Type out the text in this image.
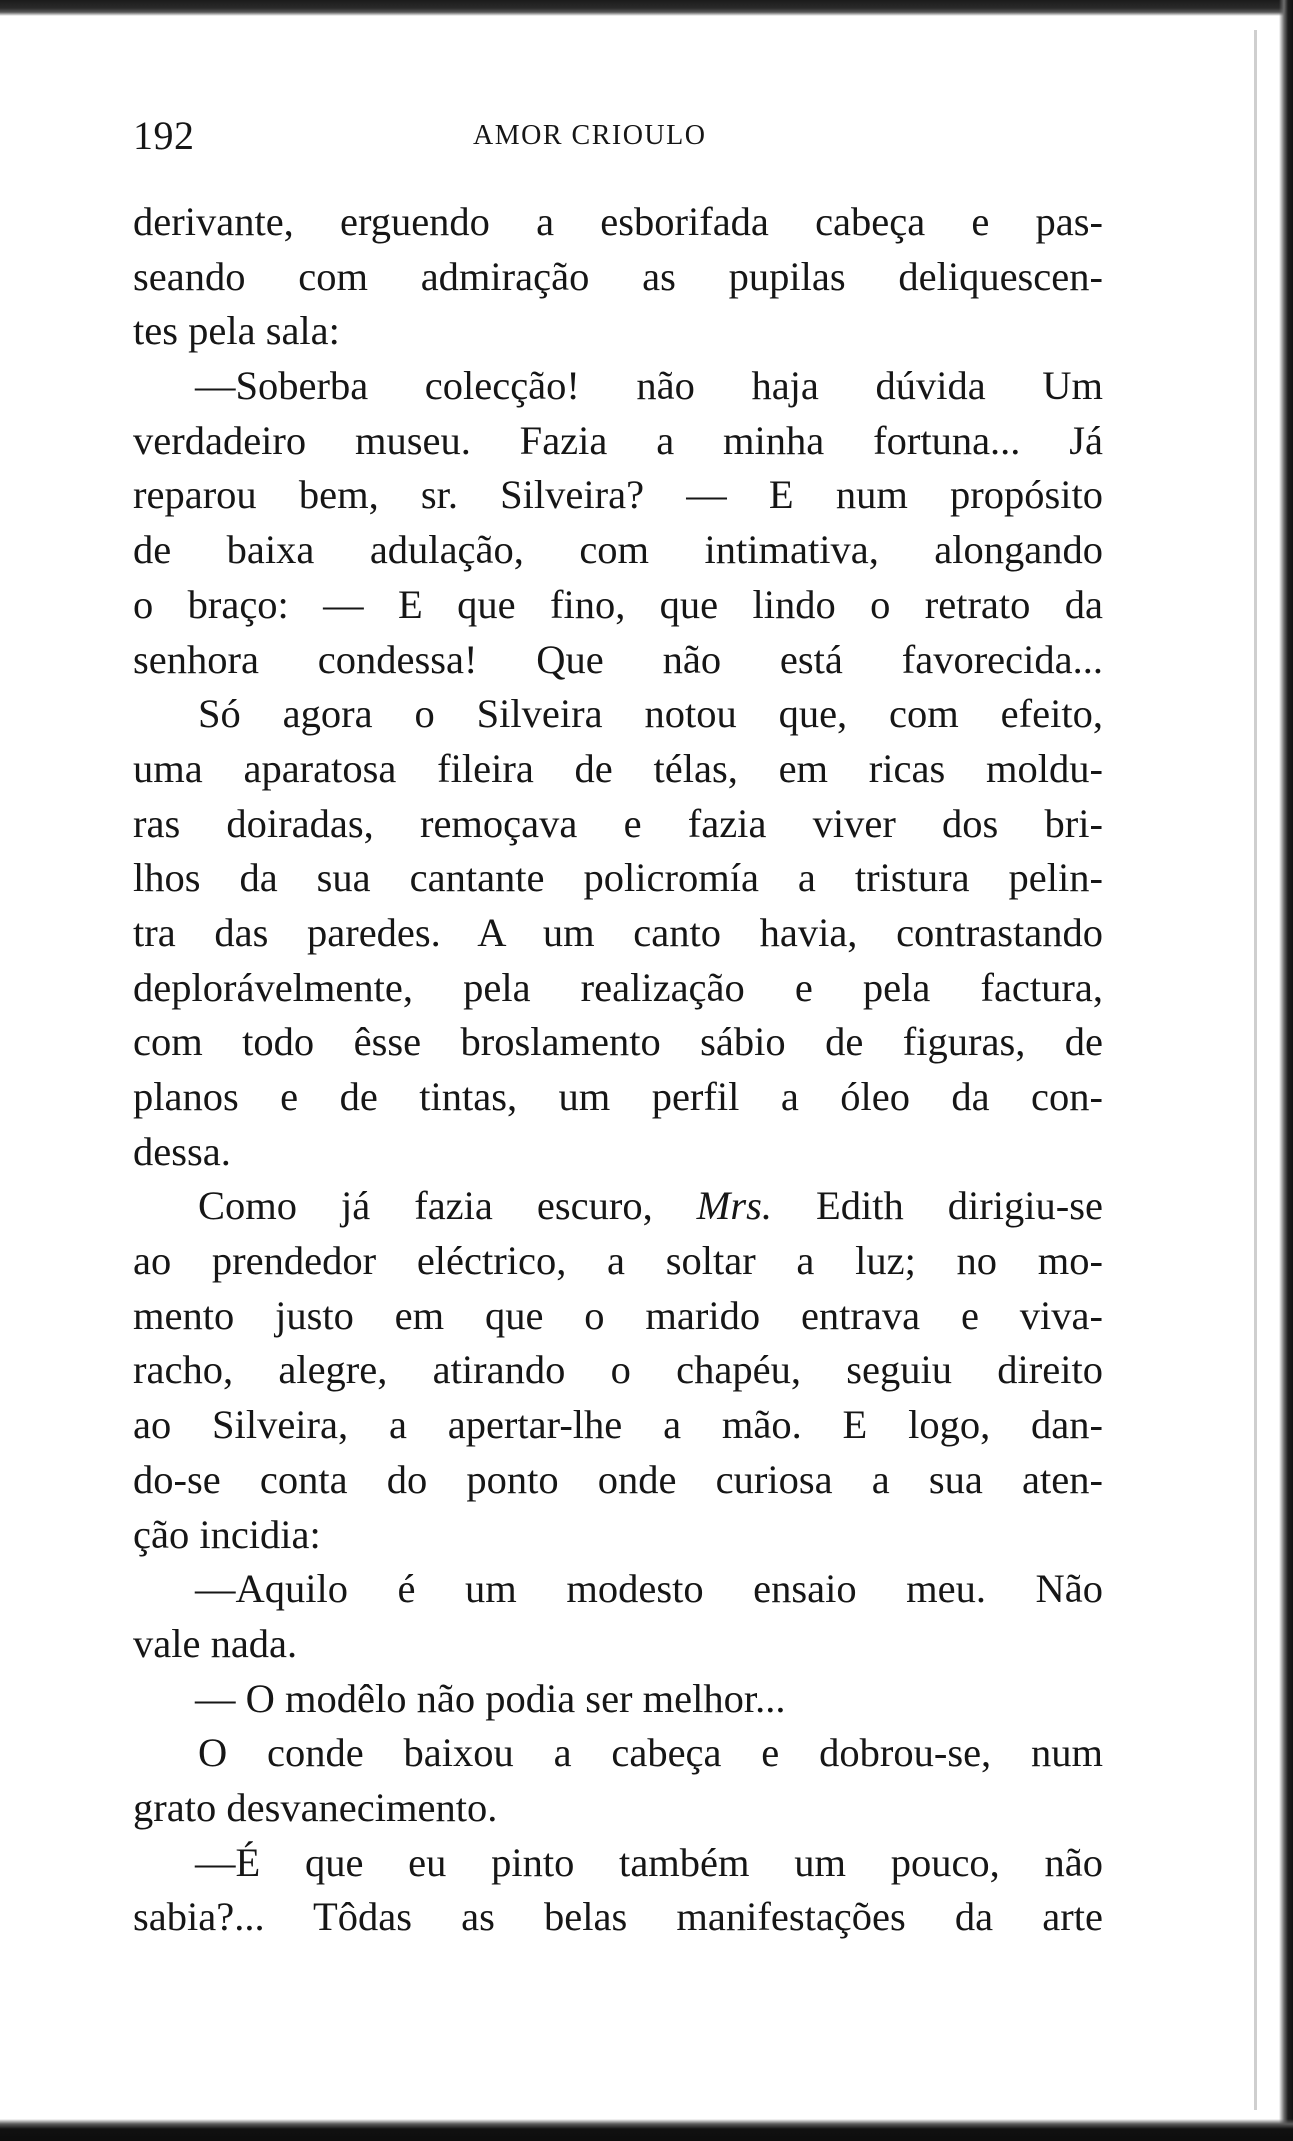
192	AMOR CRIOULO
derivante, erguendo a esborifada cabeça e pas-
seando com admiração as pupilas deliquescen-
tes pela sala:
—Soberba colecção! não haja dúvida Um
verdadeiro museu. Fazia a minha fortuna... Já
reparou bem, sr. Silveira? — E num propósito
de baixa adulação, com intimativa, alongando
o braço: — E que fino, que lindo o retrato da
senhora condessa! Que não está favorecida...
Só agora o Silveira notou que, com efeito,
uma aparatosa fileira de télas, em ricas moldu-
ras doiradas, remoçava e fazia viver dos bri-
lhos da sua cantante policromía a tristura pelin-
tra das paredes. A um canto havia, contrastando
deplorávelmente, pela realização e pela factura,
com todo êsse broslamento sábio de figuras, de
planos e de tintas, um perfil a óleo da con-
dessa.
Como já fazia escuro, Mrs. Edith dirigiu-se
ao prendedor eléctrico, a soltar a luz; no mo-
mento justo em que o marido entrava e viva-
racho, alegre, atirando o chapéu, seguiu direito
ao Silveira, a apertar-lhe a mão. E logo, dan-
do-se conta do ponto onde curiosa a sua aten-
ção incidia:
—Aquilo é um modesto ensaio meu. Não
vale nada.
— O modêlo não podia ser melhor...
O conde baixou a cabeça e dobrou-se, num
grato desvanecimento.
—É que eu pinto também um pouco, não
sabia?... Tôdas as belas manifestações da arte
